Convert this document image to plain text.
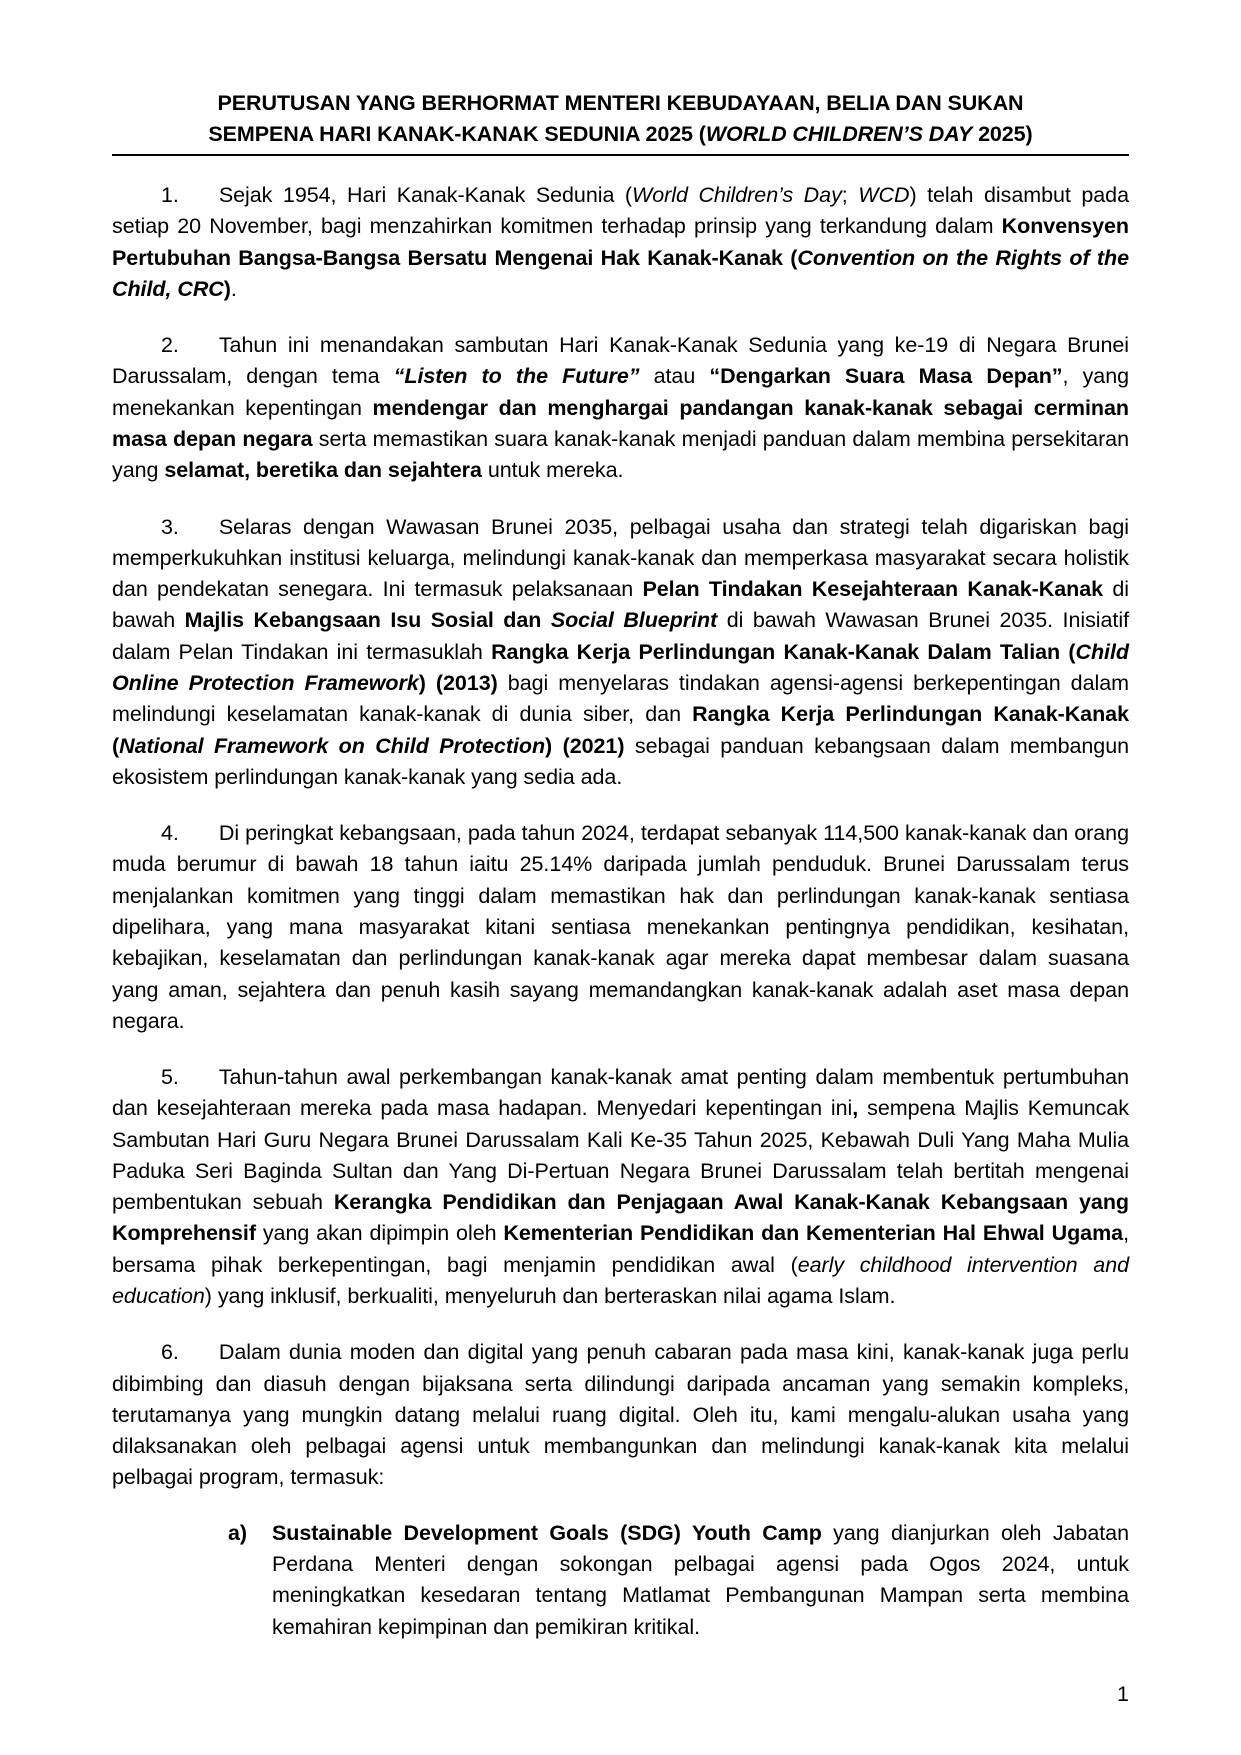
PERUTUSAN YANG BERHORMAT MENTERI KEBUDAYAAN, BELIA DAN SUKAN
SEMPENA HARI KANAK-KANAK SEDUNIA 2025 (WORLD CHILDREN’S DAY 2025)

1. Sejak 1954, Hari Kanak-Kanak Sedunia (World Children’s Day; WCD) telah disambut pada setiap 20 November, bagi menzahirkan komitmen terhadap prinsip yang terkandung dalam Konvensyen Pertubuhan Bangsa-Bangsa Bersatu Mengenai Hak Kanak-Kanak (Convention on the Rights of the Child, CRC).

2. Tahun ini menandakan sambutan Hari Kanak-Kanak Sedunia yang ke-19 di Negara Brunei Darussalam, dengan tema “Listen to the Future” atau “Dengarkan Suara Masa Depan”, yang menekankan kepentingan mendengar dan menghargai pandangan kanak-kanak sebagai cerminan masa depan negara serta memastikan suara kanak-kanak menjadi panduan dalam membina persekitaran yang selamat, beretika dan sejahtera untuk mereka.

3. Selaras dengan Wawasan Brunei 2035, pelbagai usaha dan strategi telah digariskan bagi memperkukuhkan institusi keluarga, melindungi kanak-kanak dan memperkasa masyarakat secara holistik dan pendekatan senegara. Ini termasuk pelaksanaan Pelan Tindakan Kesejahteraan Kanak-Kanak di bawah Majlis Kebangsaan Isu Sosial dan Social Blueprint di bawah Wawasan Brunei 2035. Inisiatif dalam Pelan Tindakan ini termasuklah Rangka Kerja Perlindungan Kanak-Kanak Dalam Talian (Child Online Protection Framework) (2013) bagi menyelaras tindakan agensi-agensi berkepentingan dalam melindungi keselamatan kanak-kanak di dunia siber, dan Rangka Kerja Perlindungan Kanak-Kanak (National Framework on Child Protection) (2021) sebagai panduan kebangsaan dalam membangun ekosistem perlindungan kanak-kanak yang sedia ada.

4. Di peringkat kebangsaan, pada tahun 2024, terdapat sebanyak 114,500 kanak-kanak dan orang muda berumur di bawah 18 tahun iaitu 25.14% daripada jumlah penduduk. Brunei Darussalam terus menjalankan komitmen yang tinggi dalam memastikan hak dan perlindungan kanak-kanak sentiasa dipelihara, yang mana masyarakat kitani sentiasa menekankan pentingnya pendidikan, kesihatan, kebajikan, keselamatan dan perlindungan kanak-kanak agar mereka dapat membesar dalam suasana yang aman, sejahtera dan penuh kasih sayang memandangkan kanak-kanak adalah aset masa depan negara.

5. Tahun-tahun awal perkembangan kanak-kanak amat penting dalam membentuk pertumbuhan dan kesejahteraan mereka pada masa hadapan. Menyedari kepentingan ini, sempena Majlis Kemuncak Sambutan Hari Guru Negara Brunei Darussalam Kali Ke-35 Tahun 2025, Kebawah Duli Yang Maha Mulia Paduka Seri Baginda Sultan dan Yang Di-Pertuan Negara Brunei Darussalam telah bertitah mengenai pembentukan sebuah Kerangka Pendidikan dan Penjagaan Awal Kanak-Kanak Kebangsaan yang Komprehensif yang akan dipimpin oleh Kementerian Pendidikan dan Kementerian Hal Ehwal Ugama, bersama pihak berkepentingan, bagi menjamin pendidikan awal (early childhood intervention and education) yang inklusif, berkualiti, menyeluruh dan berteraskan nilai agama Islam.

6. Dalam dunia moden dan digital yang penuh cabaran pada masa kini, kanak-kanak juga perlu dibimbing dan diasuh dengan bijaksana serta dilindungi daripada ancaman yang semakin kompleks, terutamanya yang mungkin datang melalui ruang digital. Oleh itu, kami mengalu-alukan usaha yang dilaksanakan oleh pelbagai agensi untuk membangunkan dan melindungi kanak-kanak kita melalui pelbagai program, termasuk:

a)	Sustainable Development Goals (SDG) Youth Camp yang dianjurkan oleh Jabatan Perdana Menteri dengan sokongan pelbagai agensi pada Ogos 2024, untuk meningkatkan kesedaran tentang Matlamat Pembangunan Mampan serta membina kemahiran kepimpinan dan pemikiran kritikal.
1
